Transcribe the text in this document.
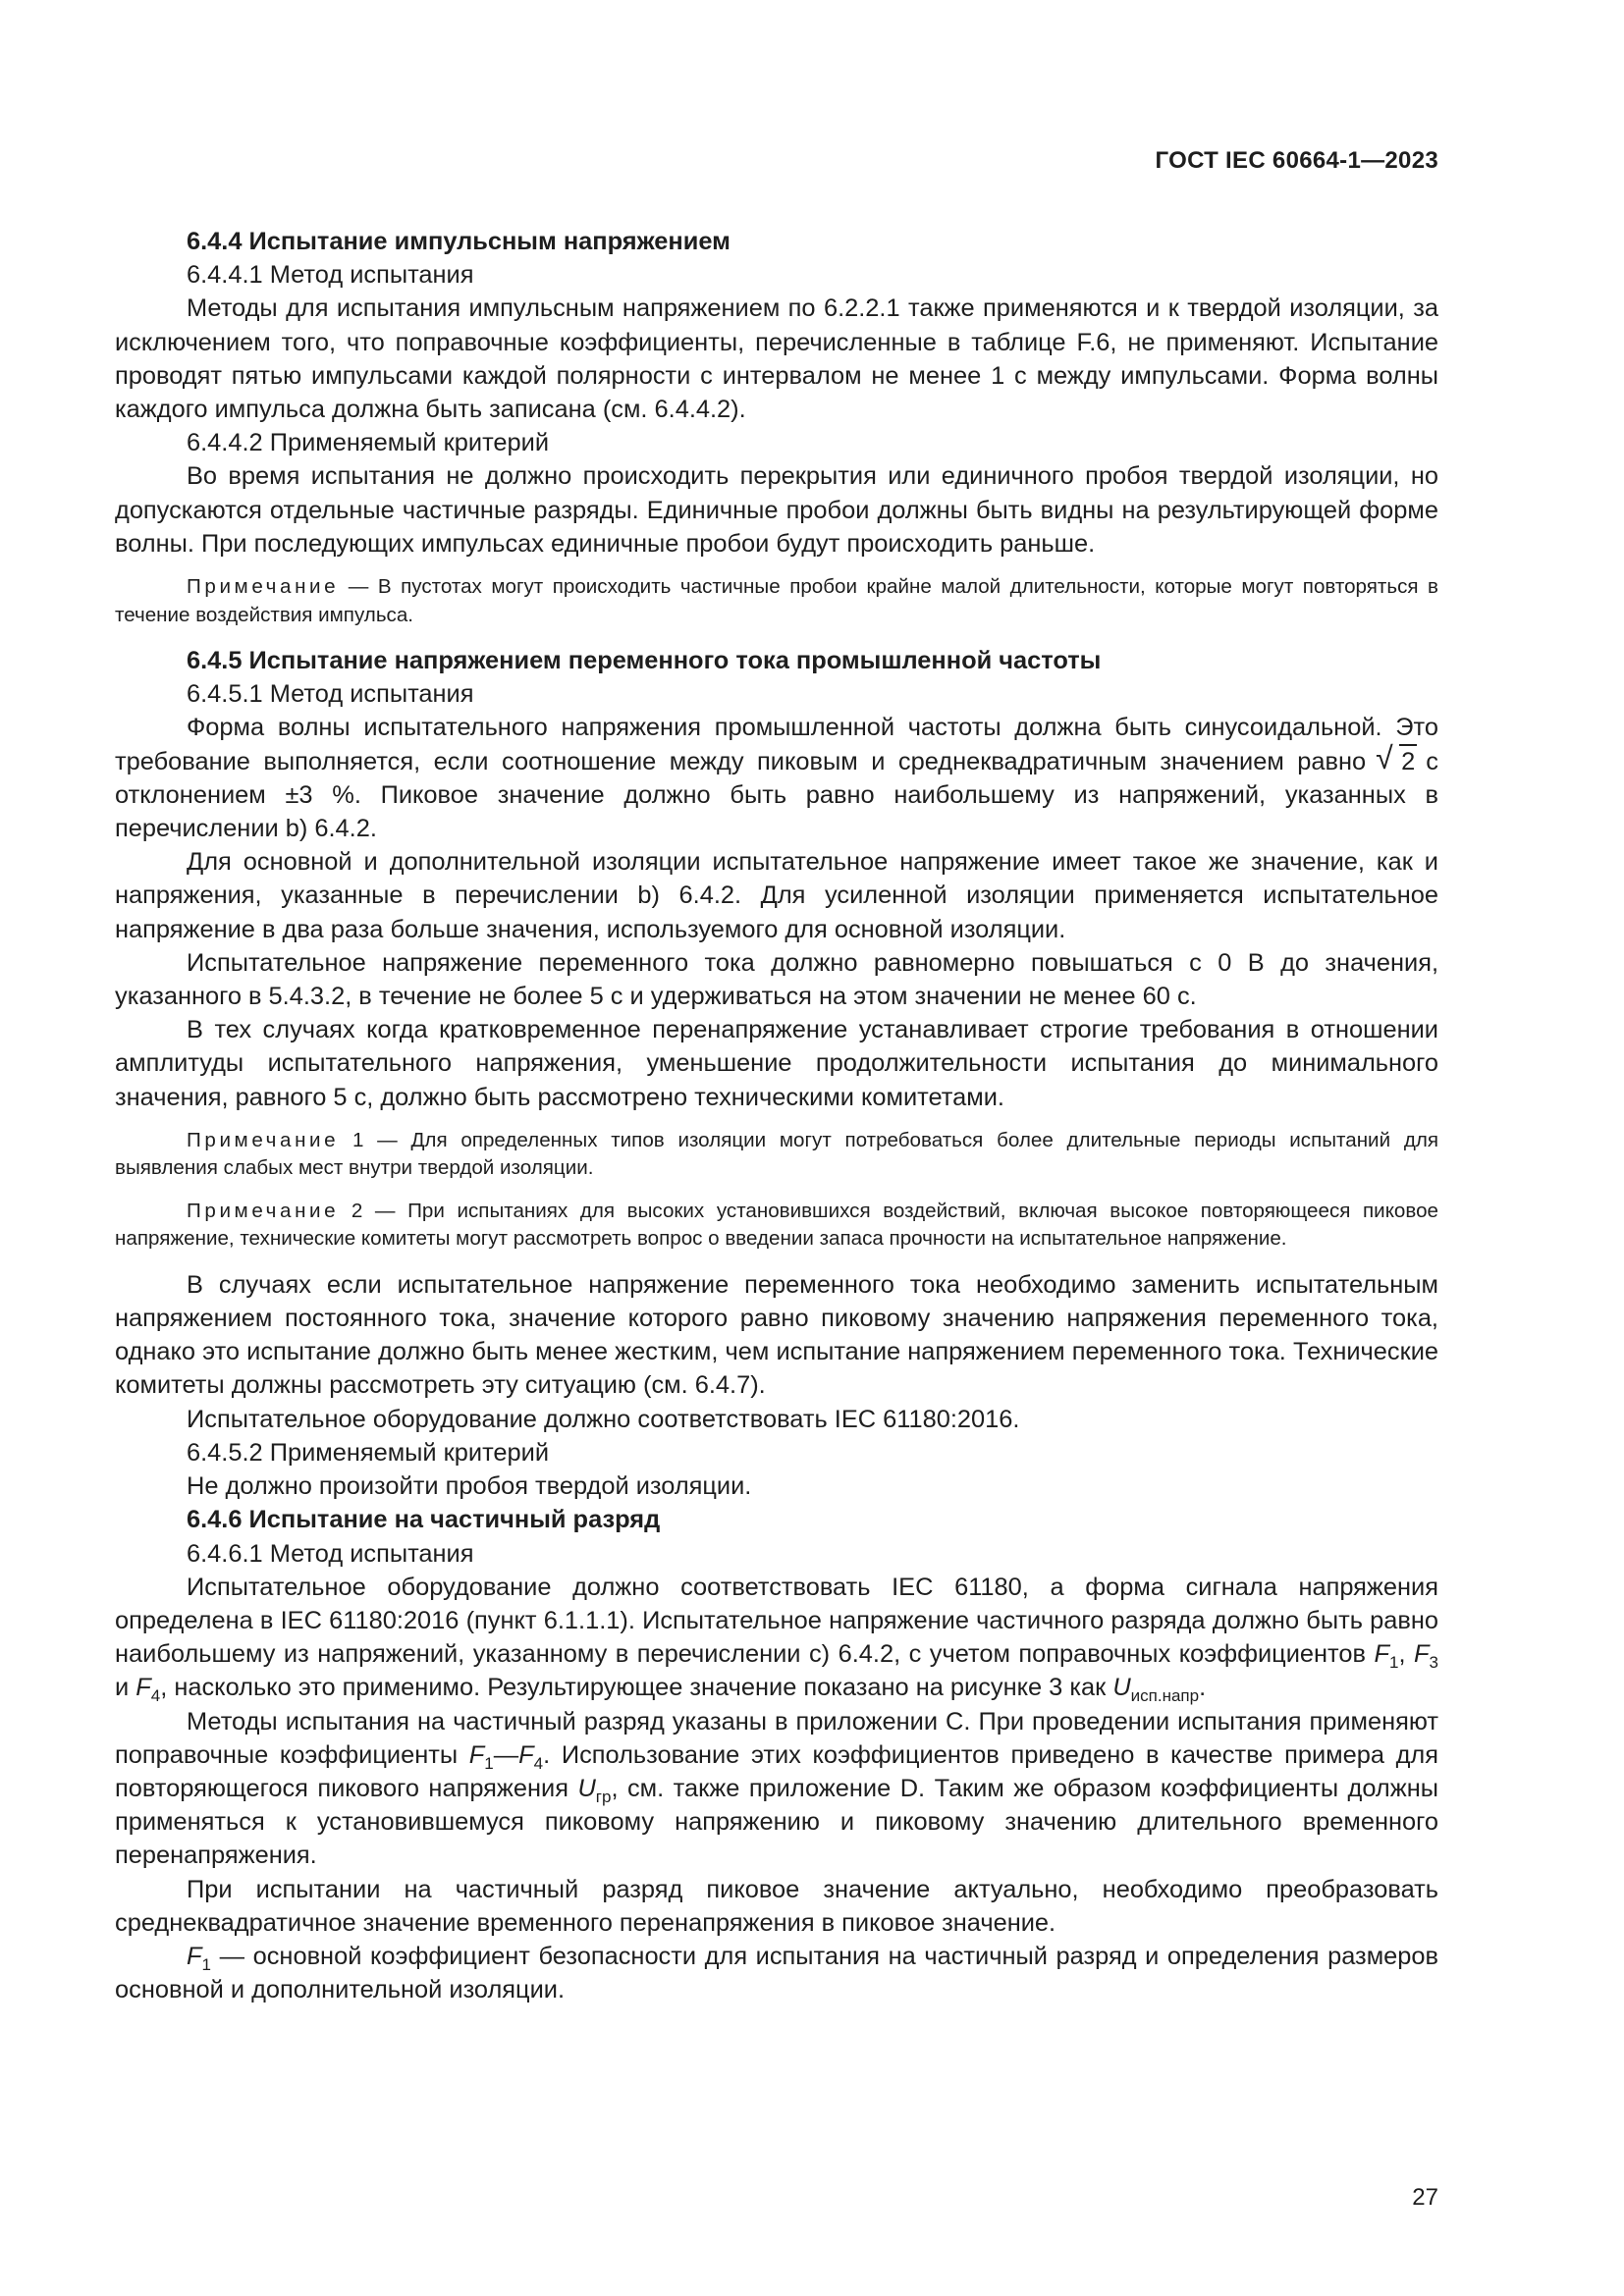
ГОСТ IEC 60664-1—2023

6.4.4 Испытание импульсным напряжением

6.4.4.1 Метод испытания

Методы для испытания импульсным напряжением по 6.2.2.1 также применяются и к твердой изоляции, за исключением того, что поправочные коэффициенты, перечисленные в таблице F.6, не применяют. Испытание проводят пятью импульсами каждой полярности с интервалом не менее 1 с между импульсами. Форма волны каждого импульса должна быть записана (см. 6.4.4.2).

6.4.4.2 Применяемый критерий

Во время испытания не должно происходить перекрытия или единичного пробоя твердой изоляции, но допускаются отдельные частичные разряды. Единичные пробои должны быть видны на результирующей форме волны. При последующих импульсах единичные пробои будут происходить раньше.

Примечание — В пустотах могут происходить частичные пробои крайне малой длительности, которые могут повторяться в течение воздействия импульса.

6.4.5 Испытание напряжением переменного тока промышленной частоты

6.4.5.1 Метод испытания

Форма волны испытательного напряжения промышленной частоты должна быть синусоидальной. Это требование выполняется, если соотношение между пиковым и среднеквадратичным значением равно √ 2 с отклонением ±3 %. Пиковое значение должно быть равно наибольшему из напряжений, указанных в перечислении b) 6.4.2.

Для основной и дополнительной изоляции испытательное напряжение имеет такое же значение, как и напряжения, указанные в перечислении b) 6.4.2. Для усиленной изоляции применяется испытательное напряжение в два раза больше значения, используемого для основной изоляции.

Испытательное напряжение переменного тока должно равномерно повышаться с 0 В до значения, указанного в 5.4.3.2, в течение не более 5 с и удерживаться на этом значении не менее 60 с.

В тех случаях когда кратковременное перенапряжение устанавливает строгие требования в отношении амплитуды испытательного напряжения, уменьшение продолжительности испытания до минимального значения, равного 5 с, должно быть рассмотрено техническими комитетами.

Примечание 1 — Для определенных типов изоляции могут потребоваться более длительные периоды испытаний для выявления слабых мест внутри твердой изоляции.

Примечание 2 — При испытаниях для высоких установившихся воздействий, включая высокое повторяющееся пиковое напряжение, технические комитеты могут рассмотреть вопрос о введении запаса прочности на испытательное напряжение.

В случаях если испытательное напряжение переменного тока необходимо заменить испытательным напряжением постоянного тока, значение которого равно пиковому значению напряжения переменного тока, однако это испытание должно быть менее жестким, чем испытание напряжением переменного тока. Технические комитеты должны рассмотреть эту ситуацию (см. 6.4.7).

Испытательное оборудование должно соответствовать IEC 61180:2016.

6.4.5.2 Применяемый критерий

Не должно произойти пробоя твердой изоляции.

6.4.6 Испытание на частичный разряд

6.4.6.1 Метод испытания

Испытательное оборудование должно соответствовать IEC 61180, а форма сигнала напряжения определена в IEC 61180:2016 (пункт 6.1.1.1). Испытательное напряжение частичного разряда должно быть равно наибольшему из напряжений, указанному в перечислении с) 6.4.2, с учетом поправочных коэффициентов $F_1$, $F_3$ и $F_4$, насколько это применимо. Результирующее значение показано на рисунке 3 как $U_{исп.напр}$.

Методы испытания на частичный разряд указаны в приложении С. При проведении испытания применяют поправочные коэффициенты $F_1—F_4$. Использование этих коэффициентов приведено в качестве примера для повторяющегося пикового напряжения $U_{гр}$, см. также приложение D. Таким же образом коэффициенты должны применяться к установившемуся пиковому напряжению и пиковому значению длительного временного перенапряжения.

При испытании на частичный разряд пиковое значение актуально, необходимо преобразовать среднеквадратичное значение временного перенапряжения в пиковое значение.

$F_1$ — основной коэффициент безопасности для испытания на частичный разряд и определения размеров основной и дополнительной изоляции.

27
